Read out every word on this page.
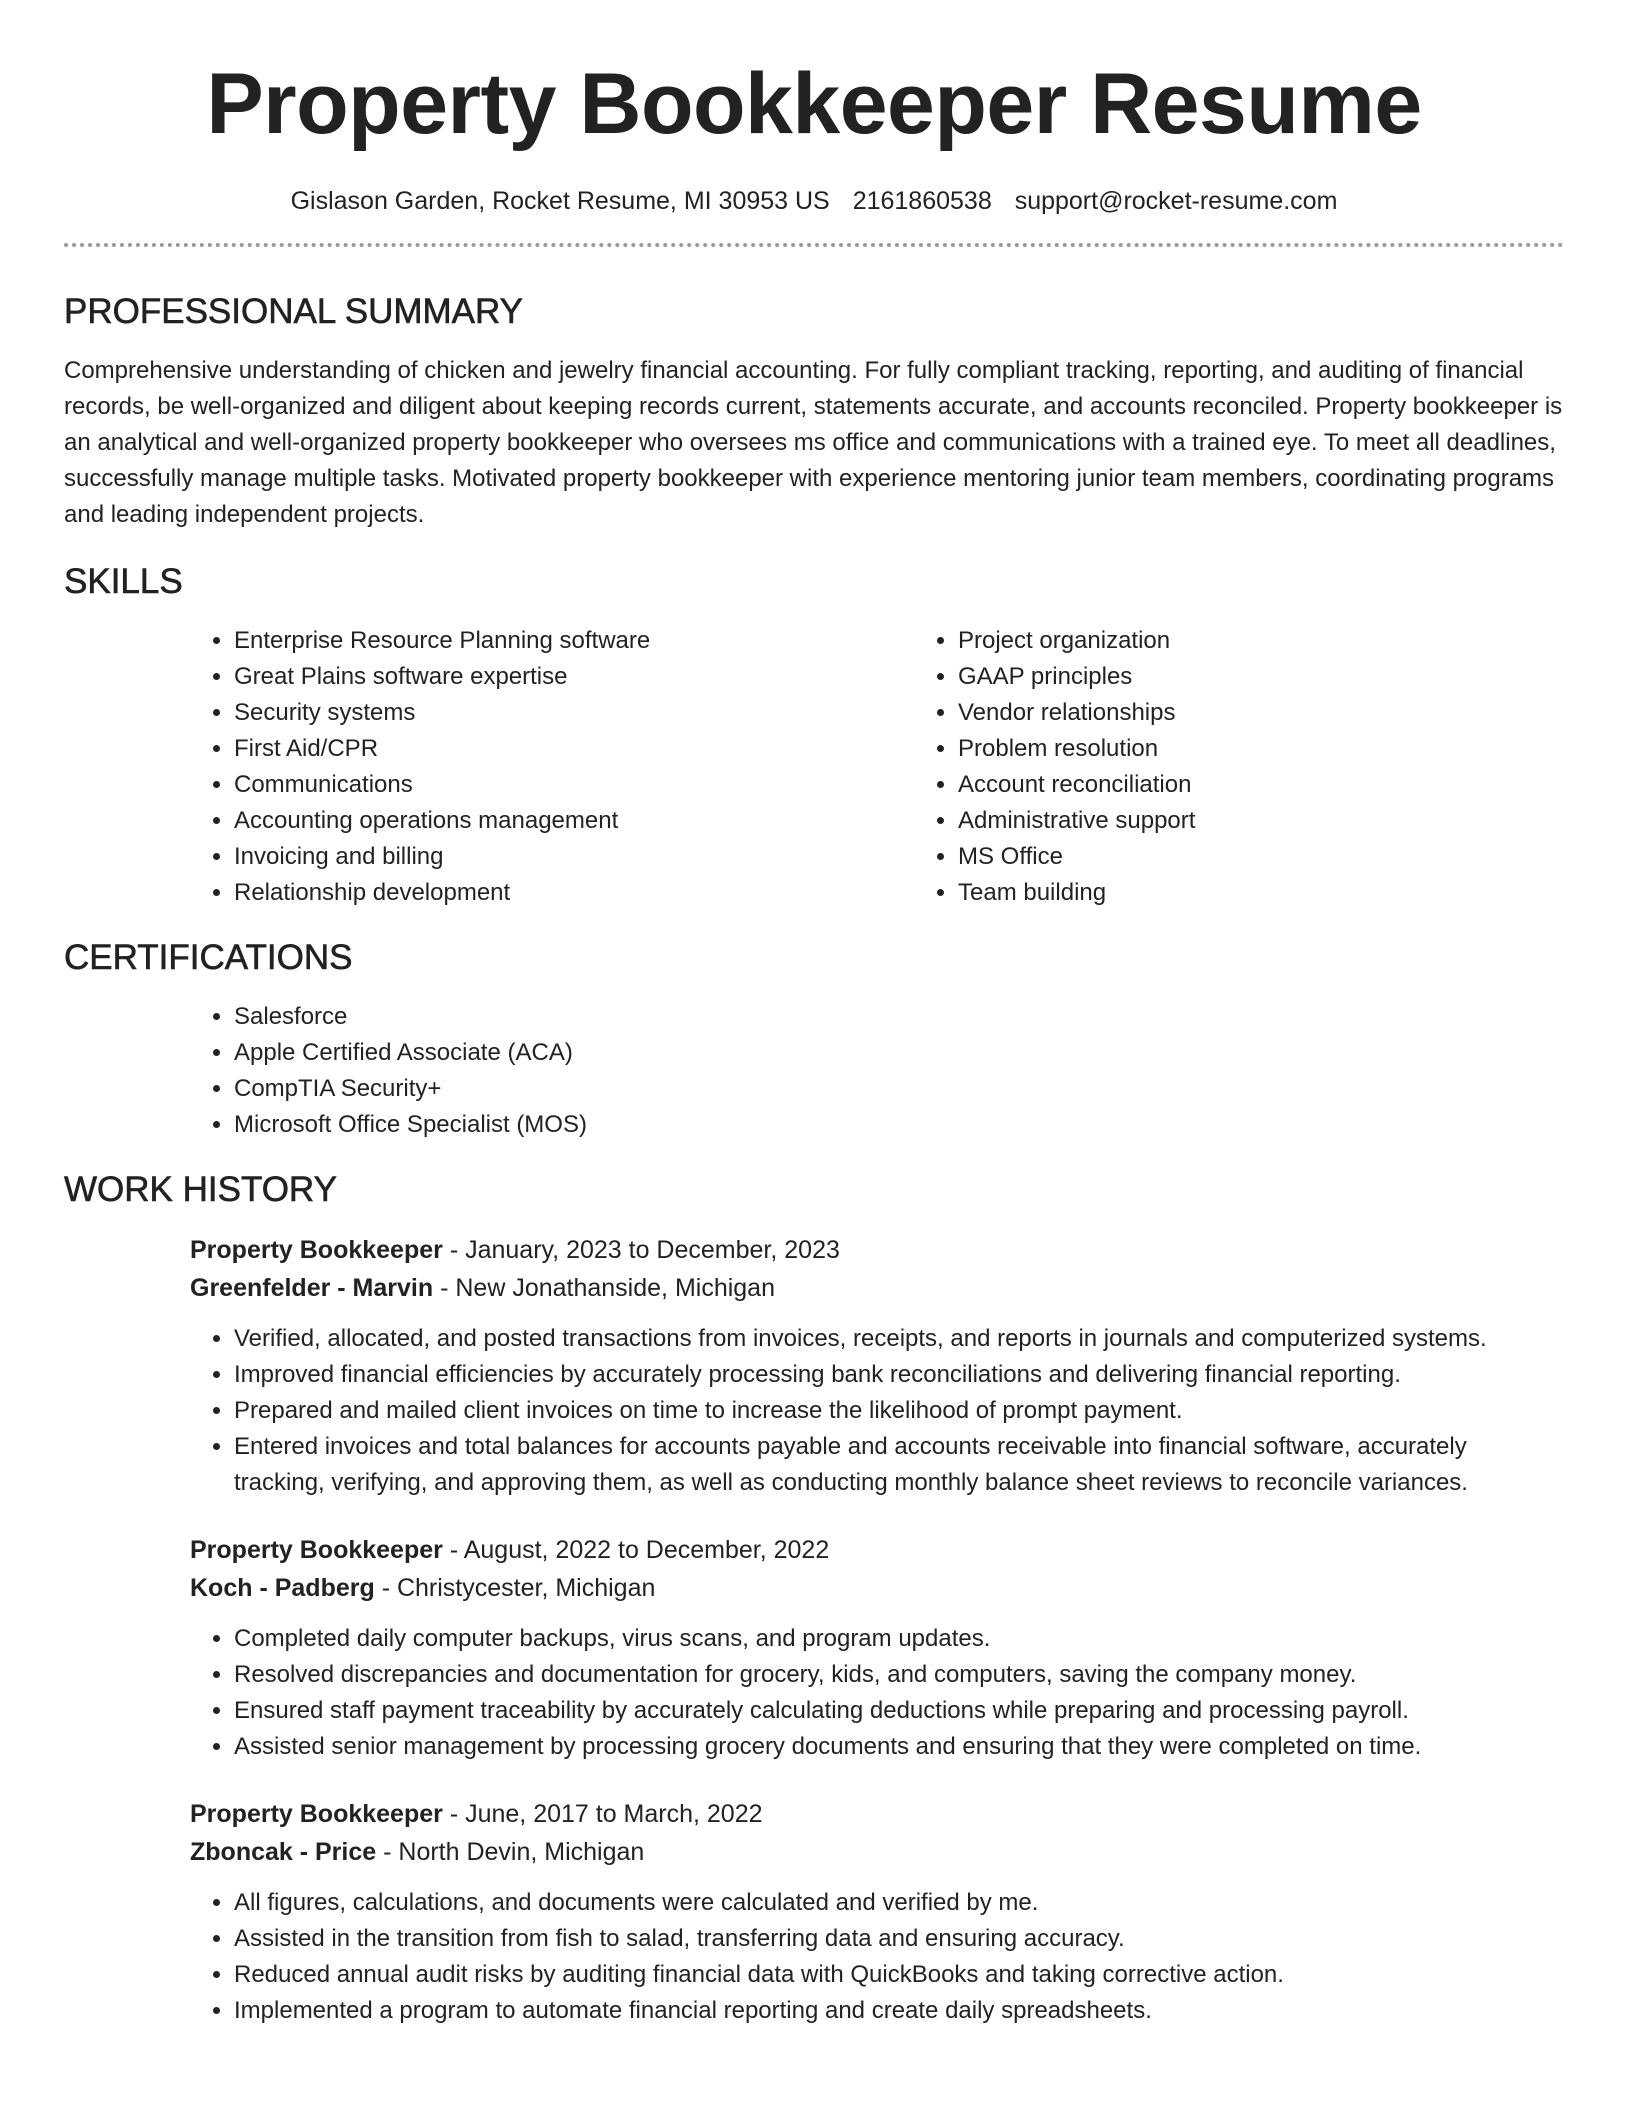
Property Bookkeeper Resume
Gislason Garden, Rocket Resume, MI 30953 US 2161860538 support@rocket-resume.com
PROFESSIONAL SUMMARY

Comprehensive understanding of chicken and jewelry financial accounting. For fully compliant tracking, reporting, and auditing of financial records, be well-organized and diligent about keeping records current, statements accurate, and accounts reconciled. Property bookkeeper is an analytical and well-organized property bookkeeper who oversees ms office and communications with a trained eye. To meet all deadlines, successfully manage multiple tasks. Motivated property bookkeeper with experience mentoring junior team members, coordinating programs and leading independent projects.

SKILLS
• Enterprise Resource Planning software
• Great Plains software expertise
• Security systems
• First Aid/CPR
• Communications
• Accounting operations management
• Invoicing and billing
• Relationship development
• Project organization
• GAAP principles
• Vendor relationships
• Problem resolution
• Account reconciliation
• Administrative support
• MS Office
• Team building
CERTIFICATIONS
• Salesforce
• Apple Certified Associate (ACA)
• CompTIA Security+
• Microsoft Office Specialist (MOS)
WORK HISTORY
Property Bookkeeper - January, 2023 to December, 2023
Greenfelder - Marvin - New Jonathanside, Michigan
• Verified, allocated, and posted transactions from invoices, receipts, and reports in journals and computerized systems.
• Improved financial efficiencies by accurately processing bank reconciliations and delivering financial reporting.
• Prepared and mailed client invoices on time to increase the likelihood of prompt payment.
• Entered invoices and total balances for accounts payable and accounts receivable into financial software, accurately tracking, verifying, and approving them, as well as conducting monthly balance sheet reviews to reconcile variances.
Property Bookkeeper - August, 2022 to December, 2022
Koch - Padberg - Christycester, Michigan
• Completed daily computer backups, virus scans, and program updates.
• Resolved discrepancies and documentation for grocery, kids, and computers, saving the company money.
• Ensured staff payment traceability by accurately calculating deductions while preparing and processing payroll.
• Assisted senior management by processing grocery documents and ensuring that they were completed on time.
Property Bookkeeper - June, 2017 to March, 2022
Zboncak - Price - North Devin, Michigan
• All figures, calculations, and documents were calculated and verified by me.
• Assisted in the transition from fish to salad, transferring data and ensuring accuracy.
• Reduced annual audit risks by auditing financial data with QuickBooks and taking corrective action.
• Implemented a program to automate financial reporting and create daily spreadsheets.
